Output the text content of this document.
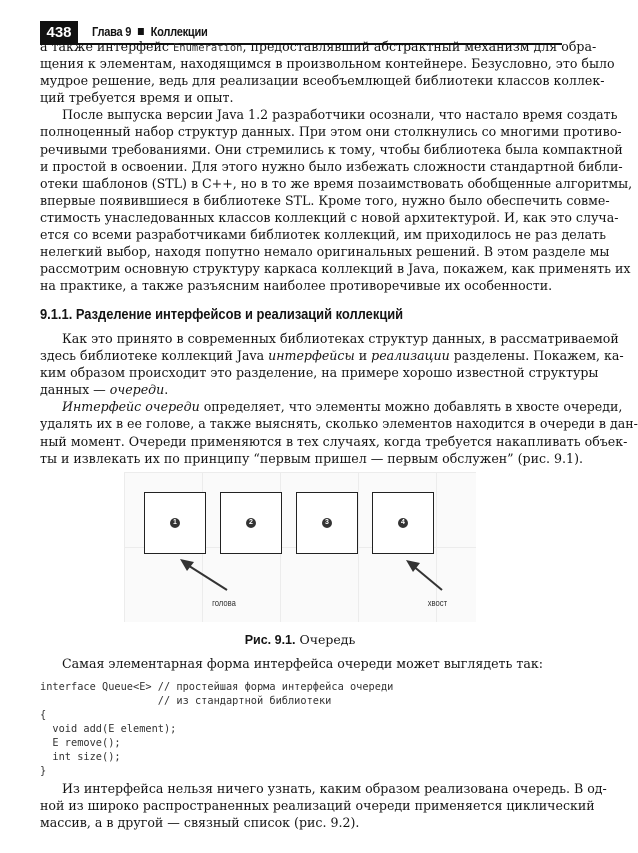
438 Глава 9 Коллекции
а также интерфейс Enumeration, предоставлявший абстрактный механизм для обра-
щения к элементам, находящимся в произвольном контейнере. Безусловно, это было
мудрое решение, ведь для реализации всеобъемлющей библиотеки классов коллек-
ций требуется время и опыт.
После выпуска версии Java 1.2 разработчики осознали, что настало время создать
полноценный набор структур данных. При этом они столкнулись со многими противо-
речивыми требованиями. Они стремились к тому, чтобы библиотека была компактной
и простой в освоении. Для этого нужно было избежать сложности стандартной библи-
отеки шаблонов (STL) в C++, но в то же время позаимствовать обобщенные алгоритмы,
впервые появившиеся в библиотеке STL. Кроме того, нужно было обеспечить совме-
стимость унаследованных классов коллекций с новой архитектурой. И, как это случа-
ется со всеми разработчиками библиотек коллекций, им приходилось не раз делать
нелегкий выбор, находя попутно немало оригинальных решений. В этом разделе мы
рассмотрим основную структуру каркаса коллекций в Java, покажем, как применять их
на практике, а также разъясним наиболее противоречивые их особенности.
9.1.1. Разделение интерфейсов и реализаций коллекций
Как это принято в современных библиотеках структур данных, в рассматриваемой
здесь библиотеке коллекций Java интерфейсы и реализации разделены. Покажем, ка-
ким образом происходит это разделение, на примере хорошо известной структуры
данных — очереди.
Интерфейс очереди определяет, что элементы можно добавлять в хвосте очереди,
удалять их в ее голове, а также выяснять, сколько элементов находится в очереди в дан-
ный момент. Очереди применяются в тех случаях, когда требуется накапливать объек-
ты и извлекать их по принципу “первым пришел — первым обслужен” (рис. 9.1).
1	2	3	4
голова	хвост
Рис. 9.1. Очередь
Самая элементарная форма интерфейса очереди может выглядеть так:
interface Queue<E> // простейшая форма интерфейса очереди
// из стандартной библиотеки
{
void add(E element);
E remove();
int size();
}
Из интерфейса нельзя ничего узнать, каким образом реализована очередь. В од-
ной из широко распространенных реализаций очереди применяется циклический
массив, а в другой — связный список (рис. 9.2).
